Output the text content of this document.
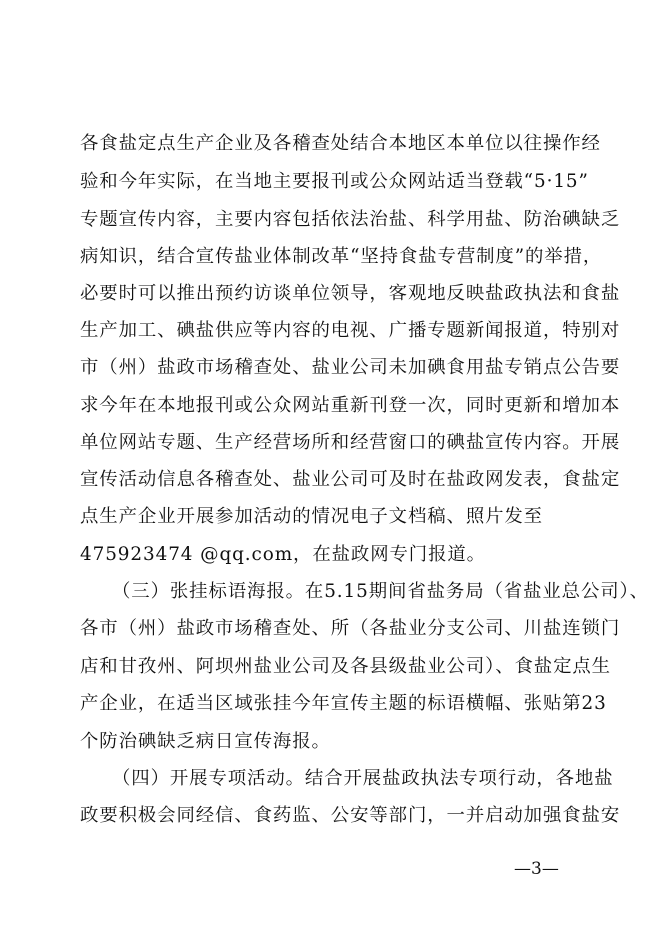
各食盐定点生产企业及各稽查处结合本地区本单位以往操作经
验和今年实际，在当地主要报刊或公众网站适当登载“5·15”
专题宣传内容，主要内容包括依法治盐、科学用盐、防治碘缺乏
病知识，结合宣传盐业体制改革“坚持食盐专营制度”的举措，
必要时可以推出预约访谈单位领导，客观地反映盐政执法和食盐
生产加工、碘盐供应等内容的电视、广播专题新闻报道，特别对
市（州）盐政市场稽查处、盐业公司未加碘食用盐专销点公告要
求今年在本地报刊或公众网站重新刊登一次，同时更新和增加本
单位网站专题、生产经营场所和经营窗口的碘盐宣传内容。开展
宣传活动信息各稽查处、盐业公司可及时在盐政网发表，食盐定
点生产企业开展参加活动的情况电子文档稿、照片发至
475923474 @qq.com，在盐政网专门报道。
（三）张挂标语海报。在5.15期间省盐务局（省盐业总公司）、
各市（州）盐政市场稽查处、所（各盐业分支公司、川盐连锁门
店和甘孜州、阿坝州盐业公司及各县级盐业公司）、食盐定点生
产企业，在适当区域张挂今年宣传主题的标语横幅、张贴第23
个防治碘缺乏病日宣传海报。
（四）开展专项活动。结合开展盐政执法专项行动，各地盐
政要积极会同经信、食药监、公安等部门，一并启动加强食盐安
—3—
